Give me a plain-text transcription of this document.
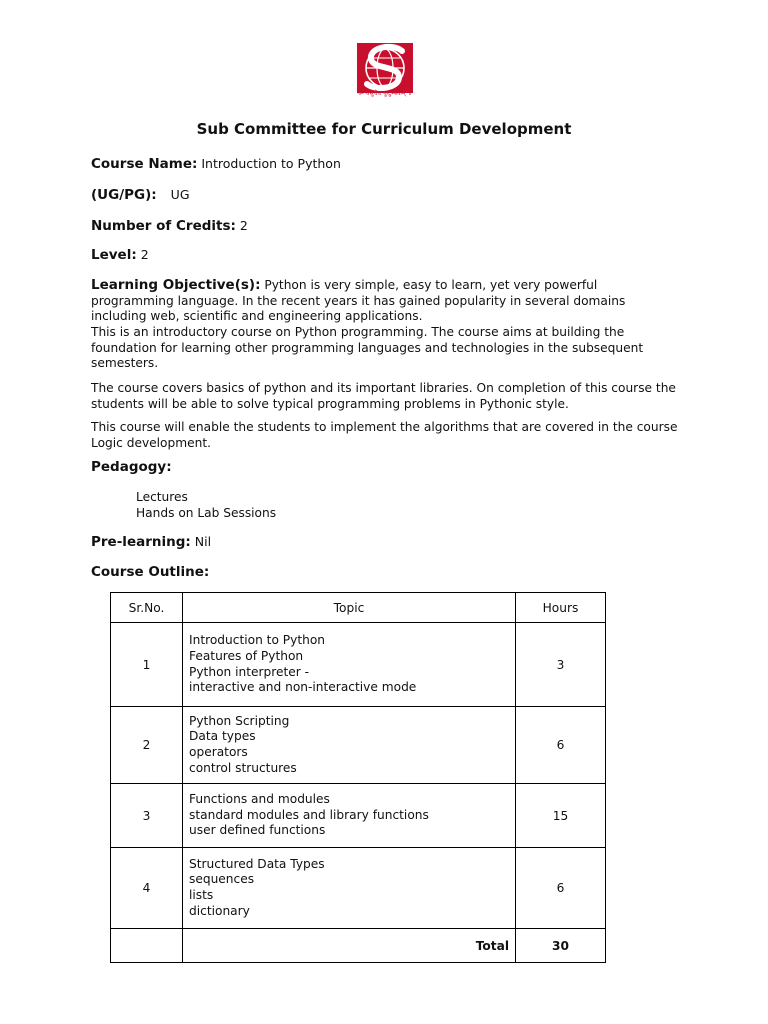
ॐ वसुधैव कुटुम्बकम् ॥
Sub Committee for Curriculum Development
Course Name: Introduction to Python
(UG/PG): UG
Number of Credits: 2
Level: 2
Learning Objective(s): Python is very simple, easy to learn, yet very powerful programming language. In the recent years it has gained popularity in several domains including web, scientific and engineering applications.
This is an introductory course on Python programming. The course aims at building the foundation for learning other programming languages and technologies in the subsequent semesters.
The course covers basics of python and its important libraries. On completion of this course the students will be able to solve typical programming problems in Pythonic style.
This course will enable the students to implement the algorithms that are covered in the course Logic development.
Pedagogy:
Lectures
Hands on Lab Sessions
Pre-learning: Nil
Course Outline:
Sr.No.	Topic	Hours
1	Introduction to Python
Features of Python
Python interpreter -
interactive and non-interactive mode	3
2	Python Scripting
Data types
operators
control structures	6
3	Functions and modules
standard modules and library functions
user defined functions	15
4	Structured Data Types
sequences
lists
dictionary	6
	Total	30
